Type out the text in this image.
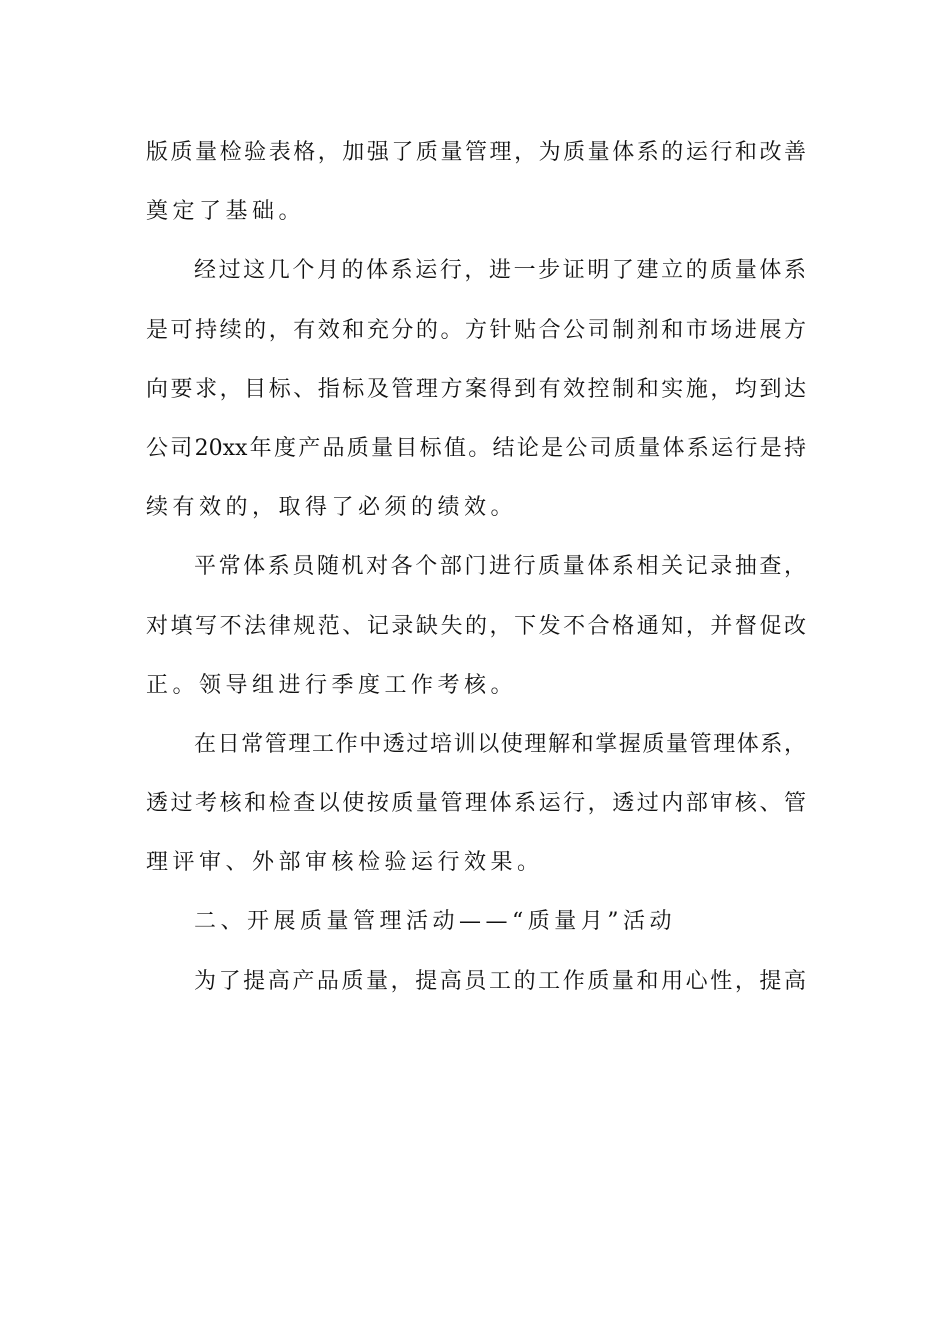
版质量检验表格，加强了质量管理，为质量体系的运行和改善
奠定了基础。
经过这几个月的体系运行，进一步证明了建立的质量体系
是可持续的，有效和充分的。方针贴合公司制剂和市场进展方
向要求，目标、指标及管理方案得到有效控制和实施，均到达
公司20xx年度产品质量目标值。结论是公司质量体系运行是持
续有效的，取得了必须的绩效。
平常体系员随机对各个部门进行质量体系相关记录抽查，
对填写不法律规范、记录缺失的，下发不合格通知，并督促改
正。领导组进行季度工作考核。
在日常管理工作中透过培训以使理解和掌握质量管理体系，
透过考核和检查以使按质量管理体系运行，透过内部审核、管
理评审、外部审核检验运行效果。
二、开展质量管理活动——“质量月”活动
为了提高产品质量，提高员工的工作质量和用心性，提高
